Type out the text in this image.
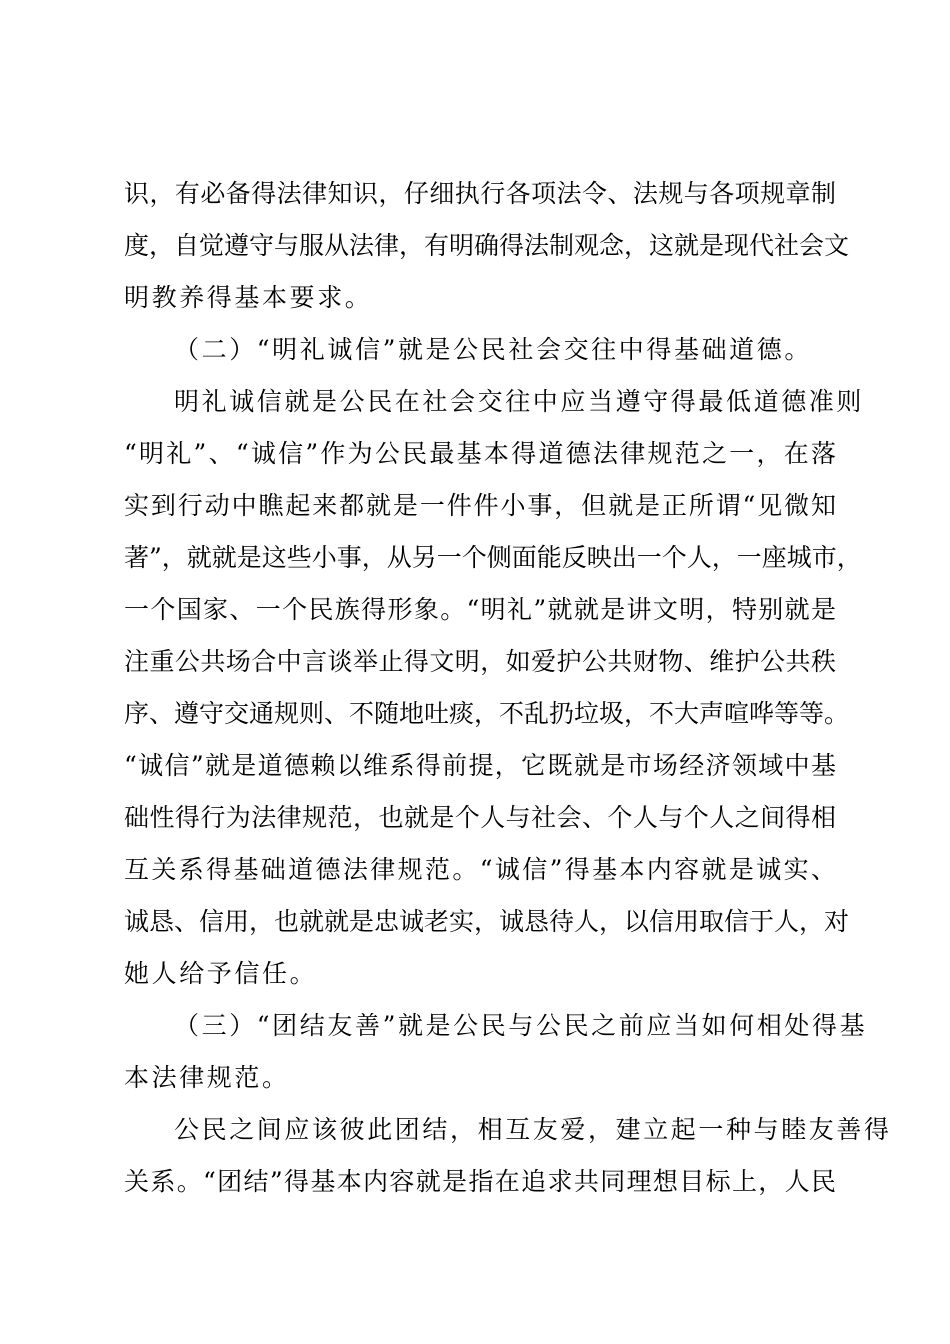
识，有必备得法律知识，仔细执行各项法令、法规与各项规章制
度，自觉遵守与服从法律，有明确得法制观念，这就是现代社会文
明教养得基本要求。
（二）“明礼诚信”就是公民社会交往中得基础道德。
明礼诚信就是公民在社会交往中应当遵守得最低道德准则
“明礼”、“诚信”作为公民最基本得道德法律规范之一，在落
实到行动中瞧起来都就是一件件小事，但就是正所谓“见微知
著”，就就是这些小事，从另一个侧面能反映出一个人，一座城市，
一个国家、一个民族得形象。“明礼”就就是讲文明，特别就是
注重公共场合中言谈举止得文明，如爱护公共财物、维护公共秩
序、遵守交通规则、不随地吐痰，不乱扔垃圾，不大声喧哗等等。
“诚信”就是道德赖以维系得前提，它既就是市场经济领域中基
础性得行为法律规范，也就是个人与社会、个人与个人之间得相
互关系得基础道德法律规范。“诚信”得基本内容就是诚实、
诚恳、信用，也就就是忠诚老实，诚恳待人，以信用取信于人，对
她人给予信任。
（三）“团结友善”就是公民与公民之前应当如何相处得基
本法律规范。
公民之间应该彼此团结，相互友爱，建立起一种与睦友善得
关系。“团结”得基本内容就是指在追求共同理想目标上，人民
